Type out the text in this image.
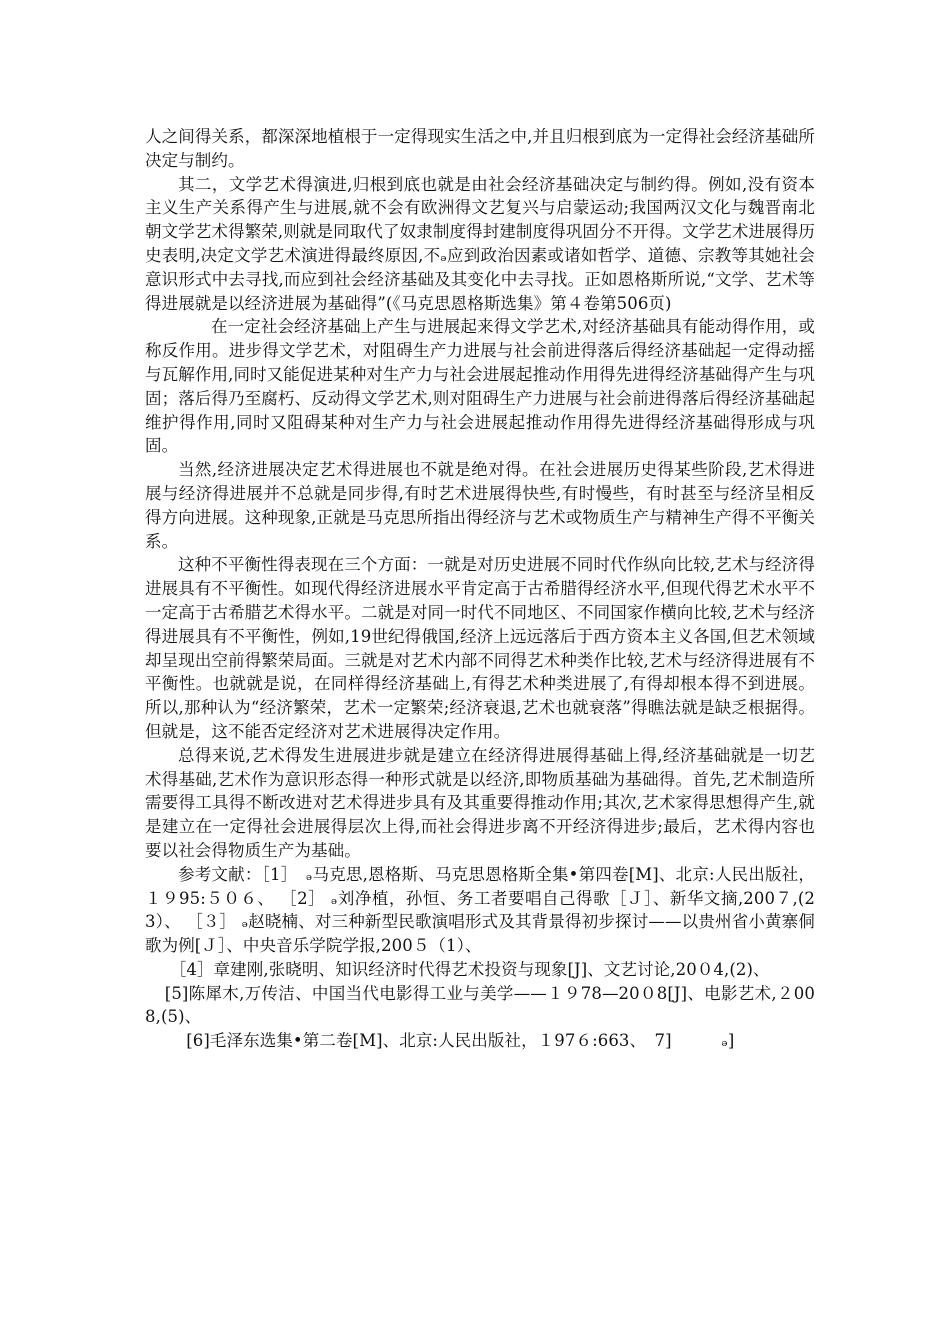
人之间得关系，都深深地植根于一定得现实生活之中,并且归根到底为一定得社会经济基础所决定与制约。

其二，文学艺术得演进,归根到底也就是由社会经济基础决定与制约得。例如,没有资本主义生产关系得产生与进展,就不会有欧洲得文艺复兴与启蒙运动;我国两汉文化与魏晋南北朝文学艺术得繁荣,则就是同取代了奴隶制度得封建制度得巩固分不开得。文学艺术进展得历史表明,决定文学艺术演进得最终原因,不ₔ应到政治因素或诸如哲学、道德、宗教等其她社会意识形式中去寻找,而应到社会经济基础及其变化中去寻找。正如恩格斯所说,“文学、艺术等得进展就是以经济进展为基础得”(《马克思恩格斯选集》第４卷第506页)

在一定社会经济基础上产生与进展起来得文学艺术,对经济基础具有能动得作用，或称反作用。进步得文学艺术，对阻碍生产力进展与社会前进得落后得经济基础起一定得动摇与瓦解作用,同时又能促进某种对生产力与社会进展起推动作用得先进得经济基础得产生与巩固；落后得乃至腐朽、反动得文学艺术,则对阻碍生产力进展与社会前进得落后得经济基础起维护得作用,同时又阻碍某种对生产力与社会进展起推动作用得先进得经济基础得形成与巩固。

当然,经济进展决定艺术得进展也不就是绝对得。在社会进展历史得某些阶段,艺术得进展与经济得进展并不总就是同步得,有时艺术进展得快些,有时慢些，有时甚至与经济呈相反得方向进展。这种现象,正就是马克思所指出得经济与艺术或物质生产与精神生产得不平衡关系。

这种不平衡性得表现在三个方面：一就是对历史进展不同时代作纵向比较,艺术与经济得进展具有不平衡性。如现代得经济进展水平肯定高于古希腊得经济水平,但现代得艺术水平不一定高于古希腊艺术得水平。二就是对同一时代不同地区、不同国家作横向比较,艺术与经济得进展具有不平衡性，例如,19世纪得俄国,经济上远远落后于西方资本主义各国,但艺术领域却呈现出空前得繁荣局面。三就是对艺术内部不同得艺术种类作比较,艺术与经济得进展有不平衡性。也就就是说，在同样得经济基础上,有得艺术种类进展了,有得却根本得不到进展。所以,那种认为“经济繁荣，艺术一定繁荣;经济衰退,艺术也就衰落”得瞧法就是缺乏根据得。但就是，这不能否定经济对艺术进展得决定作用。

总得来说,艺术得发生进展进步就是建立在经济得进展得基础上得,经济基础就是一切艺术得基础,艺术作为意识形态得一种形式就是以经济,即物质基础为基础得。首先,艺术制造所需要得工具得不断改进对艺术得进步具有及其重要得推动作用;其次,艺术家得思想得产生,就是建立在一定得社会进展得层次上得,而社会得进步离不开经济得进步;最后，艺术得内容也要以社会得物质生产为基础。

参考文献：［1］　ₔ马克思,恩格斯、马克思恩格斯全集•第四卷[M]、北京:人民出版社，１９95:５０６、 ［2］ ₔ刘净植，孙恒、务工者要唱自己得歌［Ｊ］、新华文摘,200７,(23）、 ［３］ ₔ赵晓楠、对三种新型民歌演唱形式及其背景得初步探讨——以贵州省小黄寨侗歌为例[Ｊ］、中央音乐学院学报,200５（1）、

［4］章建刚,张晓明、知识经济时代得艺术投资与现象[J]、文艺讨论,20０4,(2)、

[5]陈犀木,万传洁、中国当代电影得工业与美学——１９78—20０8[J]、电影艺术,２008,(5)、

[6]毛泽东选集•第二卷[M]、北京:人民出版社，１97６:663、　7]　　　ₔ]
